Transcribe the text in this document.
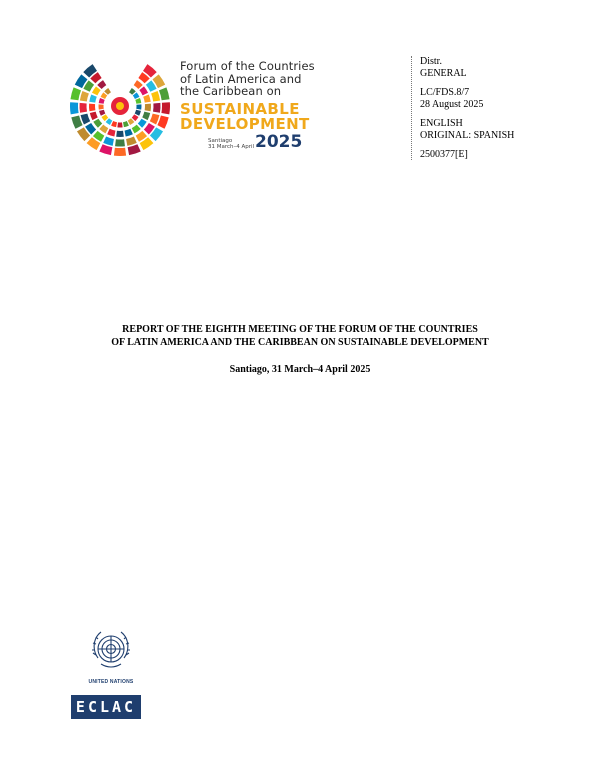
Forum of the Countries
of Latin America and
the Caribbean on
SUSTAINABLE
DEVELOPMENT
Santiago
31 March–4 April 2025
Distr.
GENERAL
LC/FDS.8/7
28 August 2025
ENGLISH
ORIGINAL: SPANISH
2500377[E]
REPORT OF THE EIGHTH MEETING OF THE FORUM OF THE COUNTRIES
OF LATIN AMERICA AND THE CARIBBEAN ON SUSTAINABLE DEVELOPMENT
Santiago, 31 March–4 April 2025
UNITED NATIONS
ECLAC
